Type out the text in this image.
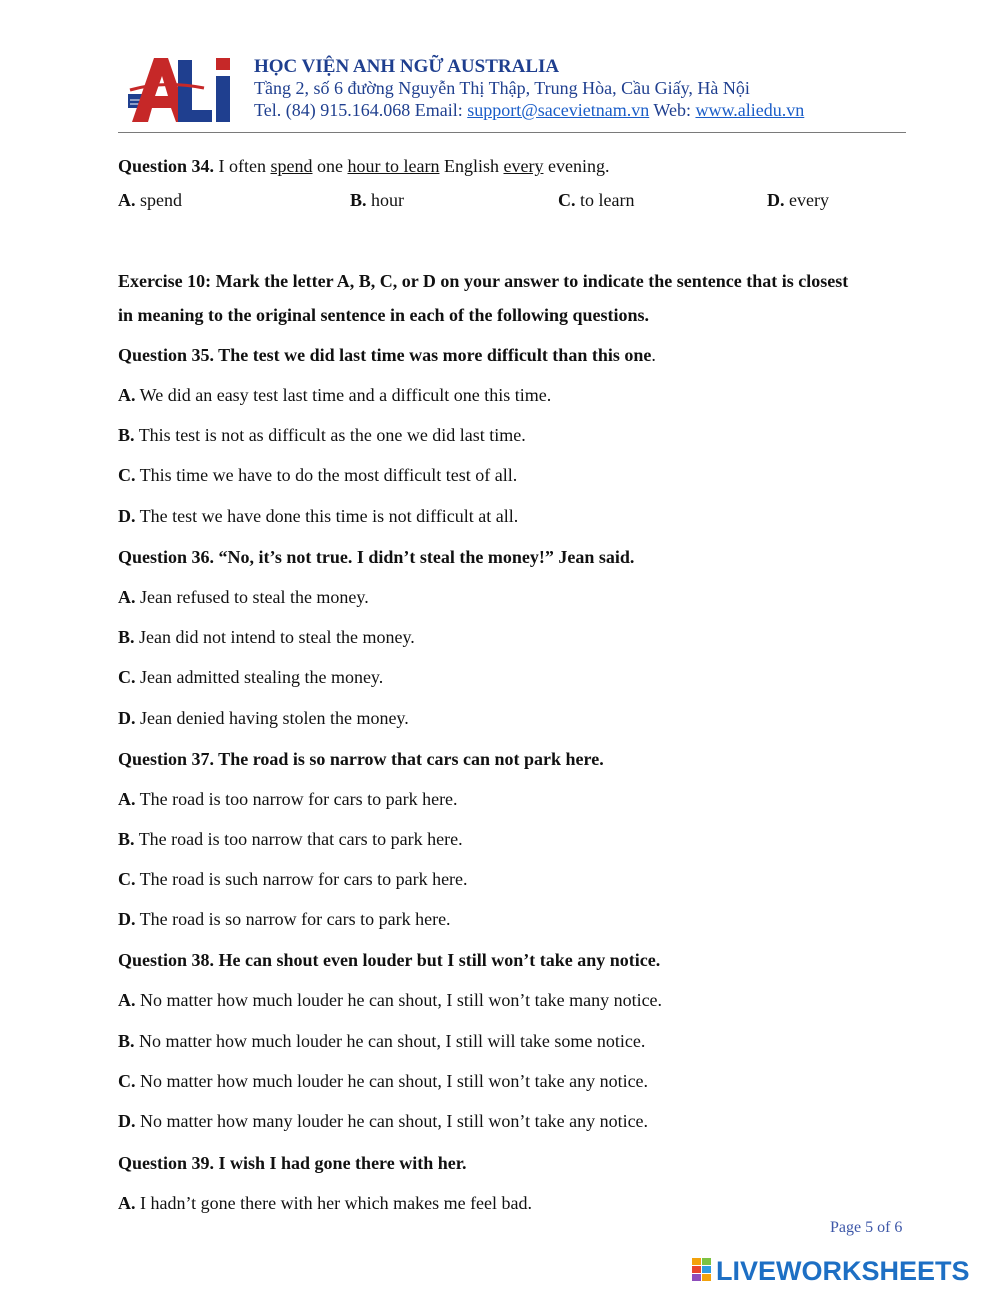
HỌC VIỆN ANH NGỮ AUSTRALIA
Tầng 2, số 6 đường Nguyễn Thị Thập, Trung Hòa, Cầu Giấy, Hà Nội
Tel. (84) 915.164.068 Email: support@sacevietnam.vn Web: www.aliedu.vn
Question 34. I often spend one hour to learn English every evening.
A. spend	B. hour	C. to learn	D. every
Exercise 10: Mark the letter A, B, C, or D on your answer to indicate the sentence that is closest
in meaning to the original sentence in each of the following questions.
Question 35. The test we did last time was more difficult than this one.
A. We did an easy test last time and a difficult one this time.
B. This test is not as difficult as the one we did last time.
C. This time we have to do the most difficult test of all.
D. The test we have done this time is not difficult at all.
Question 36. “No, it’s not true. I didn’t steal the money!” Jean said.
A. Jean refused to steal the money.
B. Jean did not intend to steal the money.
C. Jean admitted stealing the money.
D. Jean denied having stolen the money.
Question 37. The road is so narrow that cars can not park here.
A. The road is too narrow for cars to park here.
B. The road is too narrow that cars to park here.
C. The road is such narrow for cars to park here.
D. The road is so narrow for cars to park here.
Question 38. He can shout even louder but I still won’t take any notice.
A. No matter how much louder he can shout, I still won’t take many notice.
B. No matter how much louder he can shout, I still will take some notice.
C. No matter how much louder he can shout, I still won’t take any notice.
D. No matter how many louder he can shout, I still won’t take any notice.
Question 39. I wish I had gone there with her.
A. I hadn’t gone there with her which makes me feel bad.
Page 5 of 6
LIVEWORKSHEETS
